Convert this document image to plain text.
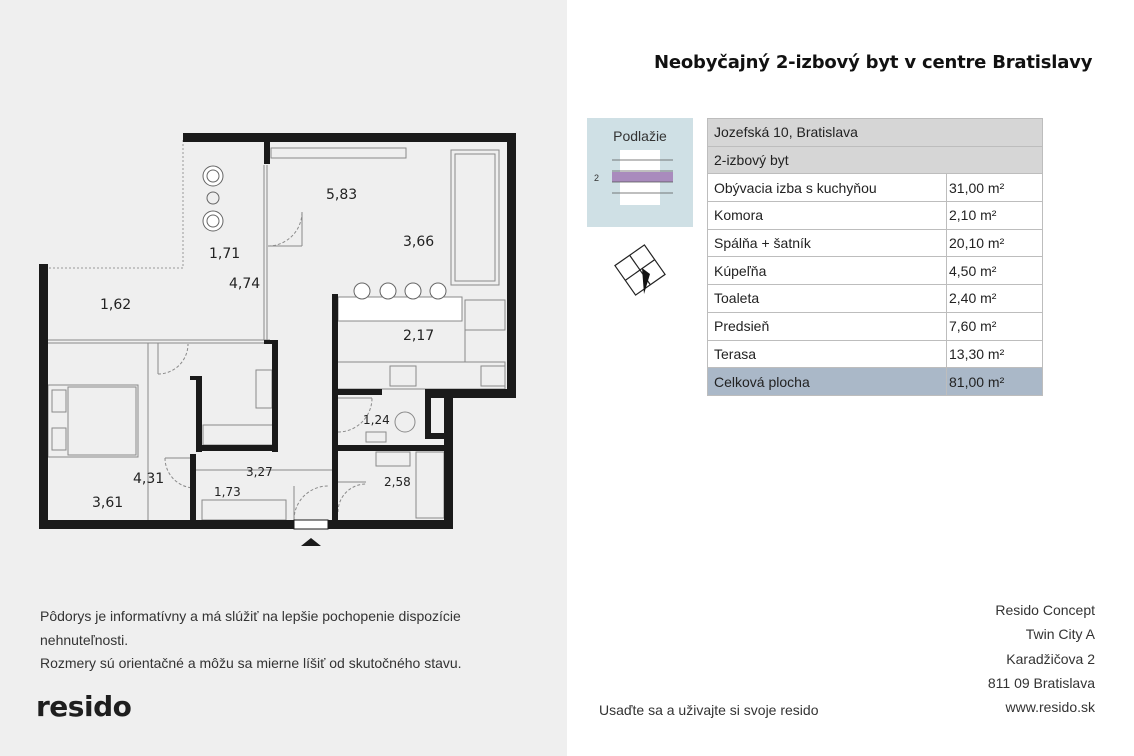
5,83
1,71
3,66
4,74
1,62
2,17
1,24
4,31	3,27
2,58
1,73
3,61

Pôdorys je informatívny a má slúžiť na lepšie pochopenie dispozície

nehnuteľnosti.

Rozmery sú orientačné a môžu sa mierne líšiť od skutočného stavu.

resido
Neobyčajný 2-izbový byt v centre Bratislavy
Podlažie
2
Jozefská 10, Bratislava	
2-izbový byt	
Obývacia izba s kuchyňou	31,00 m²
Komora	2,10 m²
Spálňa + šatník	20,10 m²
Kúpeľňa	4,50 m²
Toaleta	2,40 m²
Predsieň	7,60 m²
Terasa	13,30 m²
Celková plocha	81,00 m²
Usaďte sa a uživajte si svoje resido
Resido Concept
Twin City A
Karadžičova 2
811 09 Bratislava
www.resido.sk
